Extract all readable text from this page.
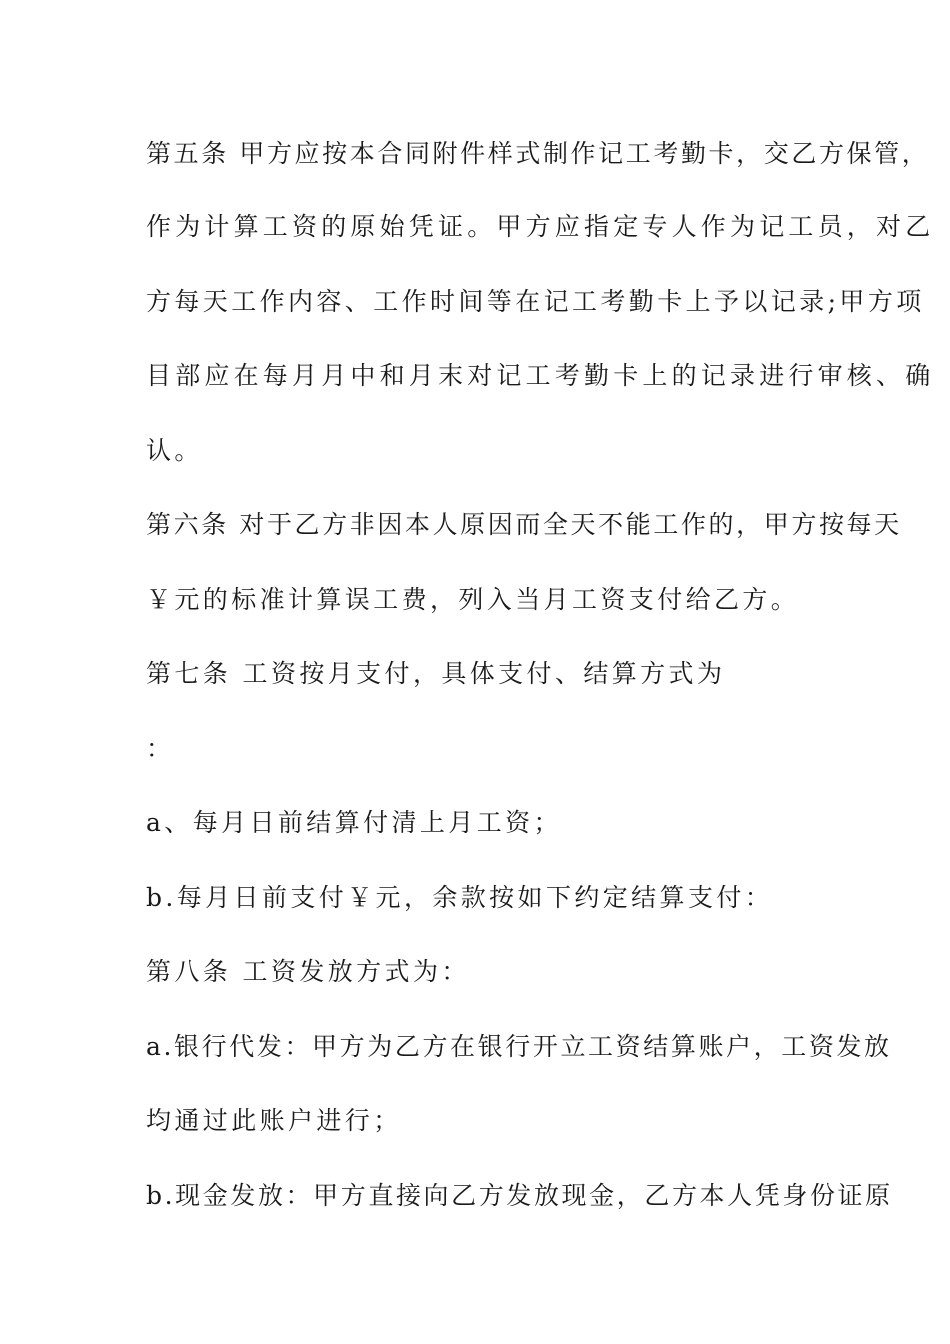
第五条 甲方应按本合同附件样式制作记工考勤卡，交乙方保管，
作为计算工资的原始凭证。甲方应指定专人作为记工员，对乙
方每天工作内容、工作时间等在记工考勤卡上予以记录;甲方项
目部应在每月月中和月末对记工考勤卡上的记录进行审核、确
认。
第六条 对于乙方非因本人原因而全天不能工作的，甲方按每天
￥元的标准计算误工费，列入当月工资支付给乙方。
第七条 工资按月支付，具体支付、结算方式为
：
a、每月日前结算付清上月工资；
b.每月日前支付￥元，余款按如下约定结算支付：
第八条 工资发放方式为：
a.银行代发：甲方为乙方在银行开立工资结算账户，工资发放
均通过此账户进行；
b.现金发放：甲方直接向乙方发放现金，乙方本人凭身份证原
